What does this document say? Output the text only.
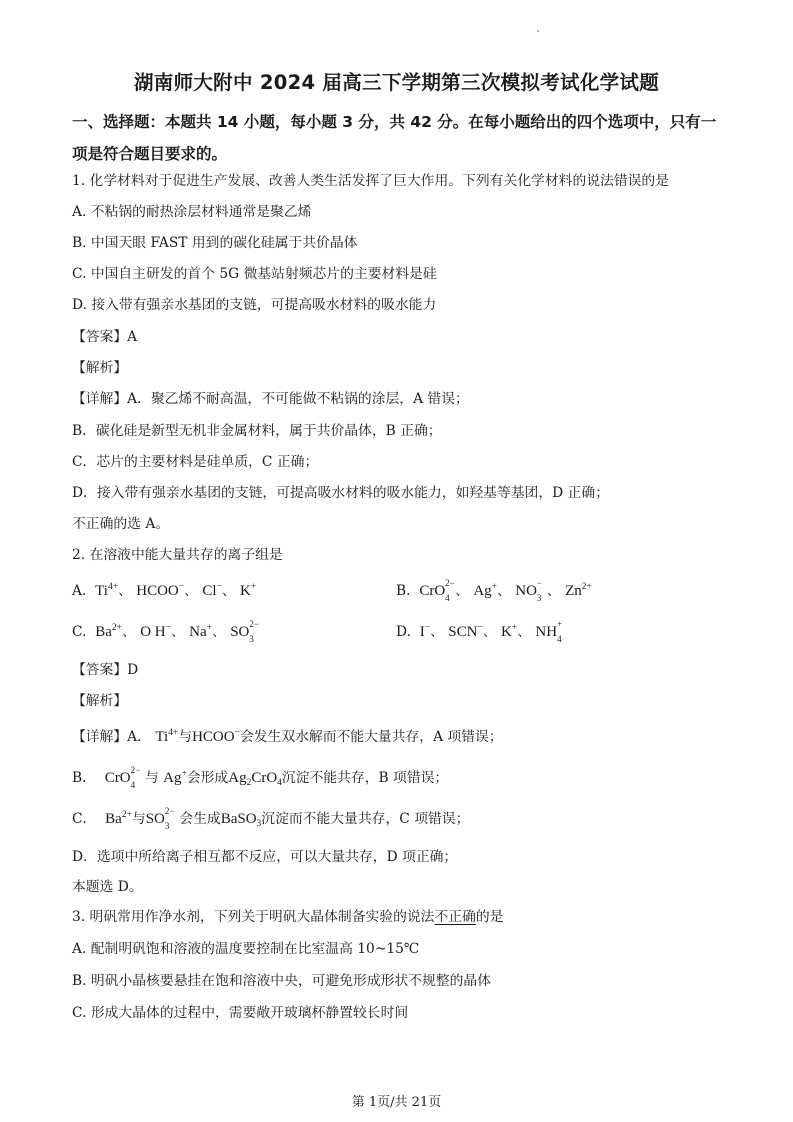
湖南师大附中 2024 届高三下学期第三次模拟考试化学试题
一、选择题：本题共 14 小题，每小题 3 分，共 42 分。在每小题给出的四个选项中，只有一
项是符合题目要求的。
1. 化学材料对于促进生产发展、改善人类生活发挥了巨大作用。下列有关化学材料的说法错误的是
A. 不粘锅的耐热涂层材料通常是聚乙烯
B. 中国天眼 FAST 用到的碳化硅属于共价晶体
C. 中国自主研发的首个 5G 微基站射频芯片的主要材料是硅
D. 接入带有强亲水基团的支链，可提高吸水材料的吸水能力
【答案】A
【解析】
【详解】A．聚乙烯不耐高温，不可能做不粘锅的涂层，A 错误；
B．碳化硅是新型无机非金属材料，属于共价晶体，B 正确；
C．芯片的主要材料是硅单质，C 正确；
D．接入带有强亲水基团的支链，可提高吸水材料的吸水能力，如羟基等基团，D 正确；
不正确的选 A。
2. 在溶液中能大量共存的离子组是
A. $Ti^{4+}$、 HCOO−、 Cl−、 K+	B. CrO 2−
4 、 Ag+、 NO −
3 、 $Zn^{2+}$
C. $Ba^{2+}$、 O H−、 Na+、 SO 2−
3	D. I−、 SCN−、 K+、 NH +
4
【答案】D
【解析】
【详解】A． $Ti^{4+}$与HCOO−会发生双水解而不能大量共存，A 项错误；
B． CrO 2−
4 与 Ag+会形成$Ag_2CrO_4$沉淀不能共存，B 项错误；
C． $Ba^{2+}$与SO 2−
3 会生成BaSO$_3$沉淀而不能大量共存，C 项错误；
D．选项中所给离子相互都不反应，可以大量共存，D 项正确；
本题选 D。
3. 明矾常用作净水剂，下列关于明矾大晶体制备实验的说法不正确的是
A. 配制明矾饱和溶液的温度要控制在比室温高 10~15℃
B. 明矾小晶核要悬挂在饱和溶液中央，可避免形成形状不规整的晶体
C. 形成大晶体的过程中，需要敞开玻璃杯静置较长时间
第 1页/共 21页
